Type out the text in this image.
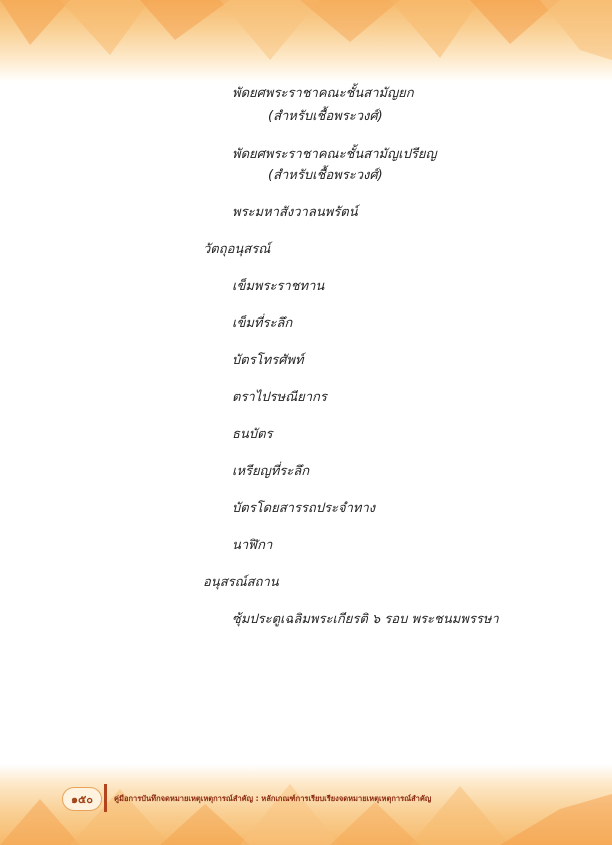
พัดยศพระราชาคณะชั้นสามัญยก

(สำหรับเชื้อพระวงศ์)

พัดยศพระราชาคณะชั้นสามัญเปรียญ

(สำหรับเชื้อพระวงศ์)

พระมหาสังวาลนพรัตน์

วัตถุอนุสรณ์

เข็มพระราชทาน

เข็มที่ระลึก

บัตรโทรศัพท์

ตราไปรษณียากร

ธนบัตร

เหรียญที่ระลึก

บัตรโดยสารรถประจำทาง

นาฬิกา

อนุสรณ์สถาน

ซุ้มประตูเฉลิมพระเกียรติ ๖ รอบ พระชนมพรรษา

๑๕๐	คู่มือการบันทึกจดหมายเหตุเหตุการณ์สำคัญ : หลักเกณฑ์การเรียบเรียงจดหมายเหตุเหตุการณ์สำคัญ
